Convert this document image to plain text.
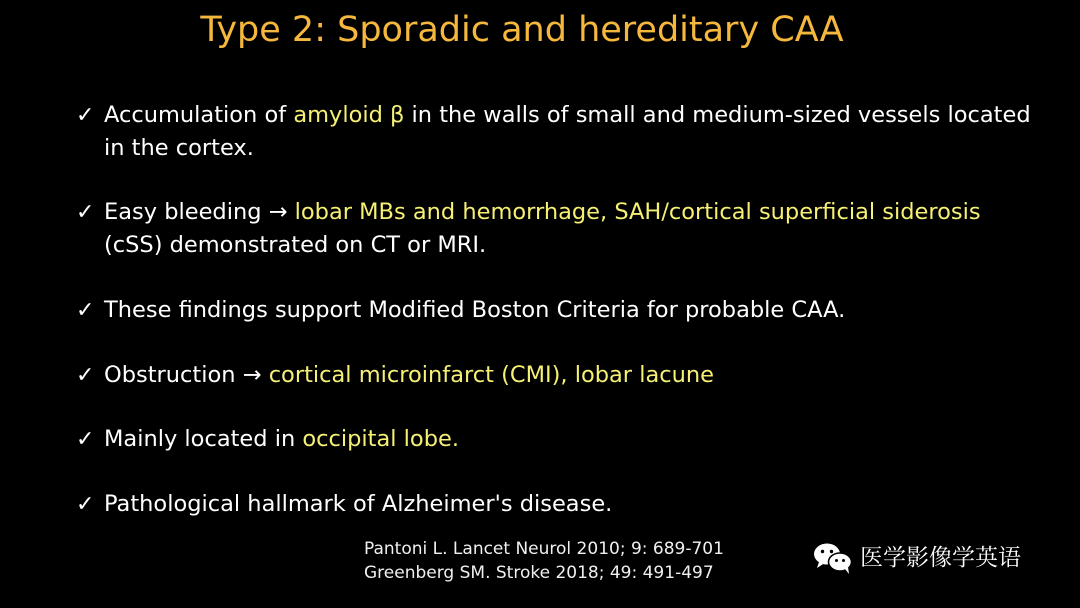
Type 2: Sporadic and hereditary CAA
✓ Accumulation of amyloid β in the walls of small and medium-sized vessels located
in the cortex.
✓ Easy bleeding → lobar MBs and hemorrhage, SAH/cortical superficial siderosis
(cSS) demonstrated on CT or MRI.
✓ These findings support Modified Boston Criteria for probable CAA.
✓ Obstruction → cortical microinfarct (CMI), lobar lacune
✓ Mainly located in occipital lobe.
✓ Pathological hallmark of Alzheimer's disease.
Pantoni L. Lancet Neurol 2010; 9: 689-701
Greenberg SM. Stroke 2018; 49: 491-497
医学影像学英语
